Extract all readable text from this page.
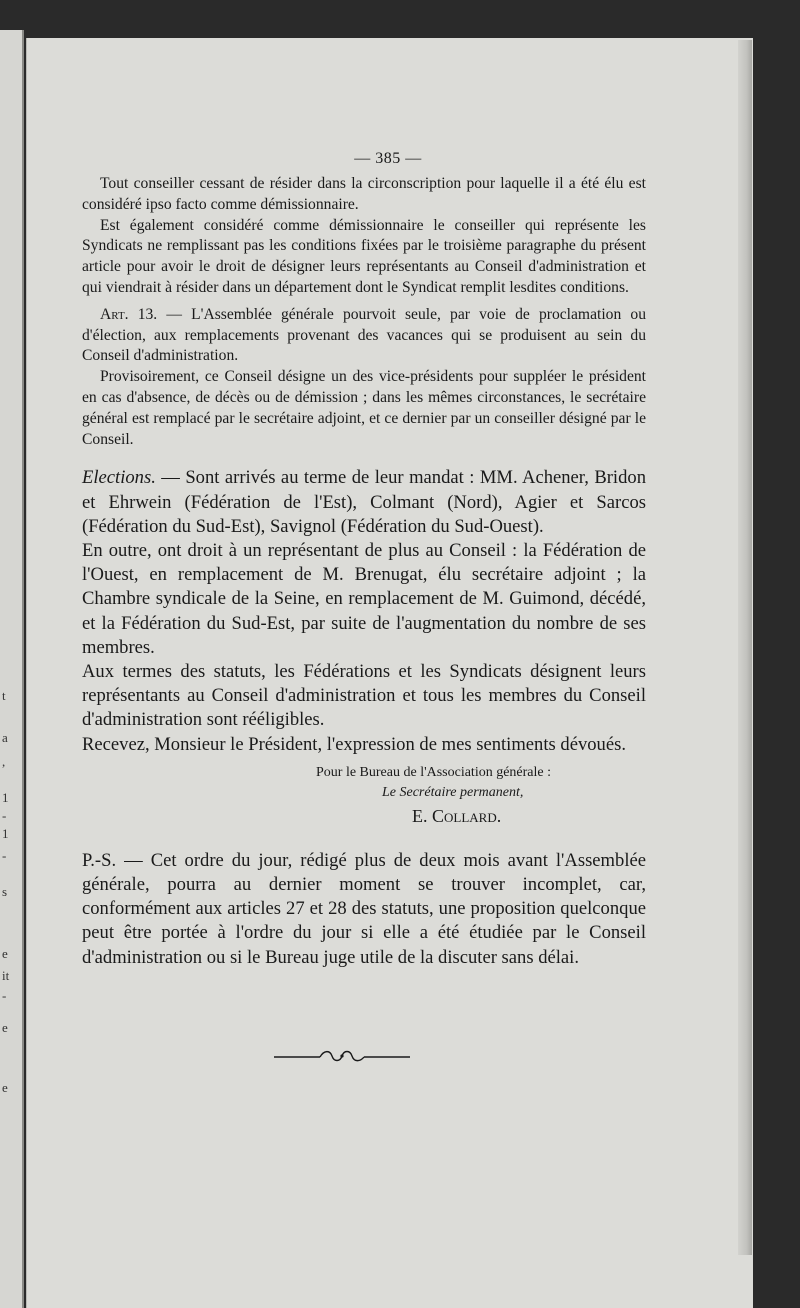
t
a
,
1
-
1
-
s
e
it
-
e
e
— 385 —

Tout conseiller cessant de résider dans la circonscription pour laquelle il a été élu est considéré ipso facto comme démissionnaire.

Est également considéré comme démissionnaire le conseiller qui représente les Syndicats ne remplissant pas les conditions fixées par le troisième paragraphe du présent article pour avoir le droit de désigner leurs représentants au Conseil d'administration et qui viendrait à résider dans un département dont le Syndicat remplit lesdites conditions.

Art. 13. — L'Assemblée générale pourvoit seule, par voie de proclamation ou d'élection, aux remplacements provenant des vacances qui se produisent au sein du Conseil d'administration.

Provisoirement, ce Conseil désigne un des vice-présidents pour suppléer le président en cas d'absence, de décès ou de démission ; dans les mêmes circonstances, le secrétaire général est remplacé par le secrétaire adjoint, et ce dernier par un conseiller désigné par le Conseil.

Elections. — Sont arrivés au terme de leur mandat : MM. Achener, Bridon et Ehrwein (Fédération de l'Est), Colmant (Nord), Agier et Sarcos (Fédération du Sud-Est), Savignol (Fédération du Sud-Ouest).

En outre, ont droit à un représentant de plus au Conseil : la Fédération de l'Ouest, en remplacement de M. Brenugat, élu secrétaire adjoint ; la Chambre syndicale de la Seine, en remplacement de M. Guimond, décédé, et la Fédération du Sud-Est, par suite de l'augmentation du nombre de ses membres.

Aux termes des statuts, les Fédérations et les Syndicats désignent leurs représentants au Conseil d'administration et tous les membres du Conseil d'administration sont rééligibles.

Recevez, Monsieur le Président, l'expression de mes sentiments dévoués.

Pour le Bureau de l'Association générale :
Le Secrétaire permanent,
E. Collard.

P.-S. — Cet ordre du jour, rédigé plus de deux mois avant l'Assemblée générale, pourra au dernier moment se trouver incomplet, car, conformément aux articles 27 et 28 des statuts, une proposition quelconque peut être portée à l'ordre du jour si elle a été étudiée par le Conseil d'administration ou si le Bureau juge utile de la discuter sans délai.
